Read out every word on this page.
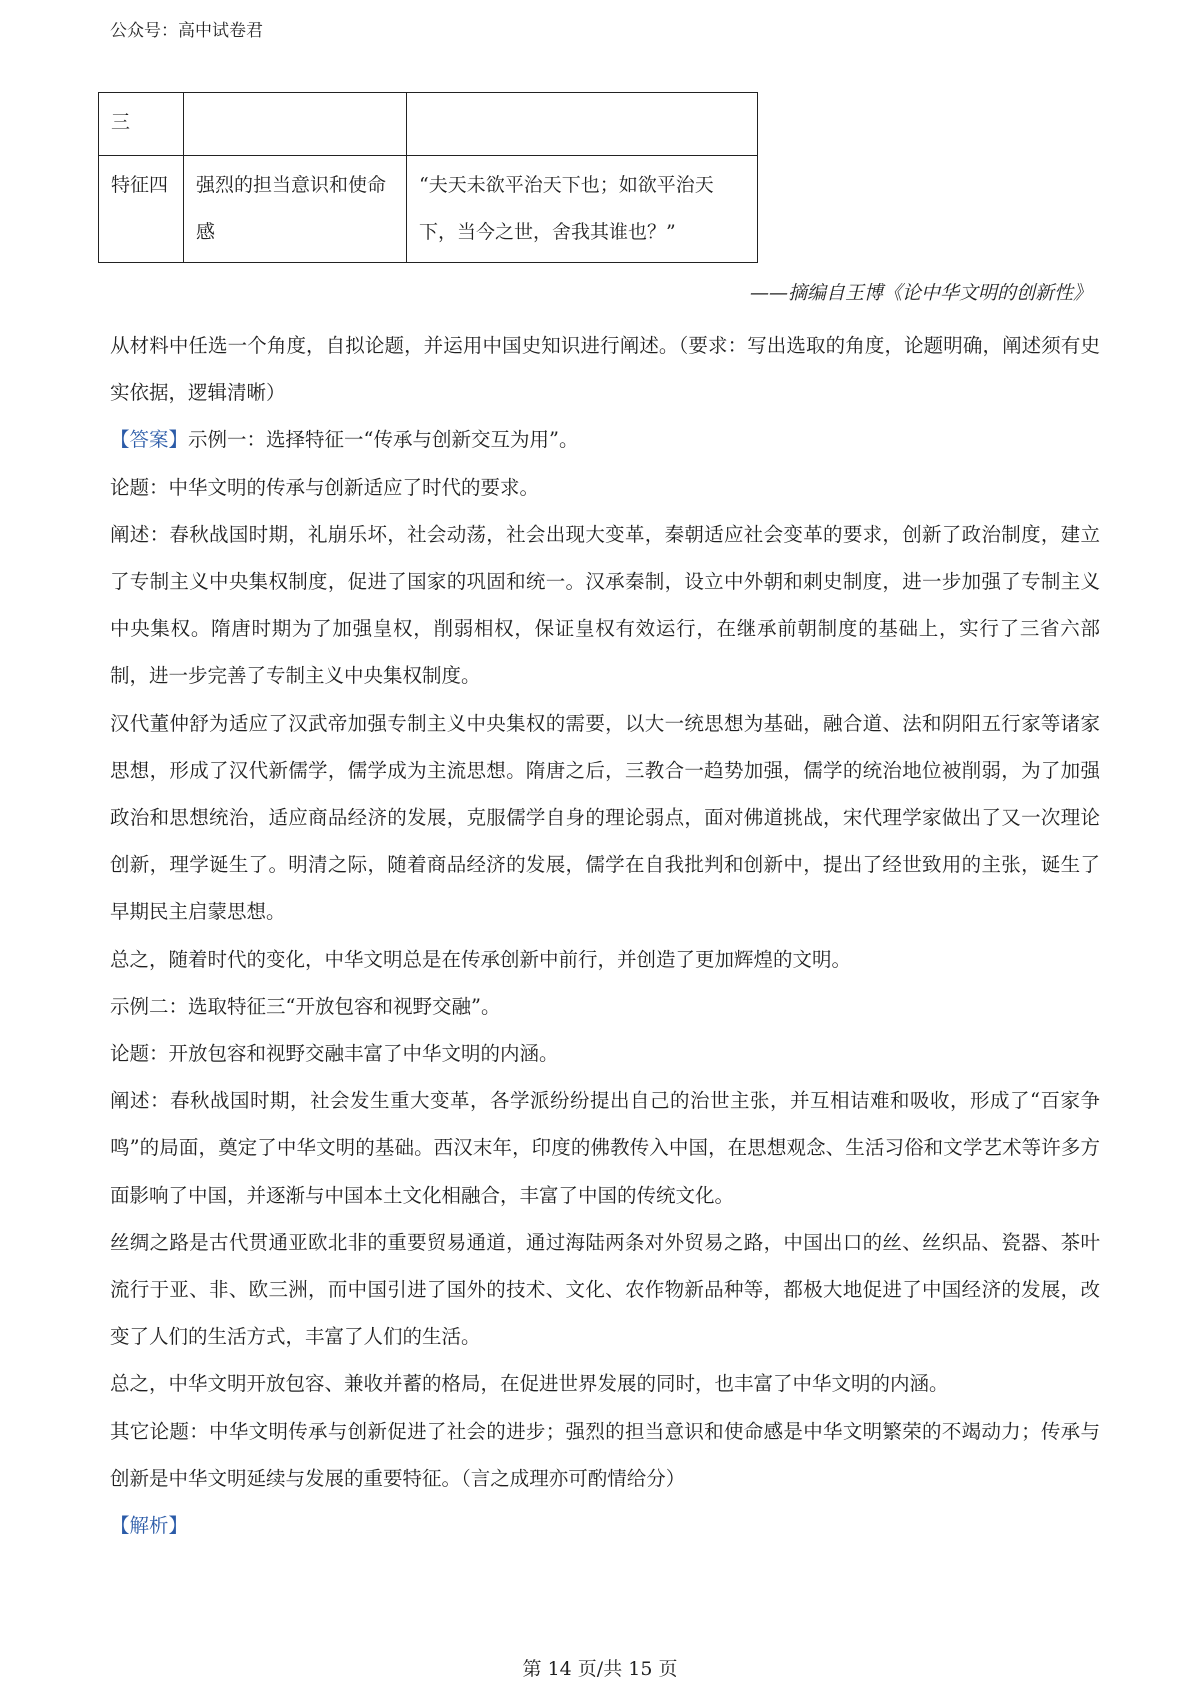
公众号：高中试卷君
三		
特征四	强烈的担当意识和使命感	“夫天未欲平治天下也；如欲平治天下，当今之世，舍我其谁也？”
——摘编自王博《论中华文明的创新性》

从材料中任选一个角度，自拟论题，并运用中国史知识进行阐述。（要求：写出选取的角度，论题明确，阐述须有史实依据，逻辑清晰）

【答案】示例一：选择特征一“传承与创新交互为用”。

论题：中华文明的传承与创新适应了时代的要求。

阐述：春秋战国时期，礼崩乐坏，社会动荡，社会出现大变革，秦朝适应社会变革的要求，创新了政治制度，建立了专制主义中央集权制度，促进了国家的巩固和统一。汉承秦制，设立中外朝和刺史制度，进一步加强了专制主义中央集权。隋唐时期为了加强皇权，削弱相权，保证皇权有效运行，在继承前朝制度的基础上，实行了三省六部制，进一步完善了专制主义中央集权制度。

汉代董仲舒为适应了汉武帝加强专制主义中央集权的需要，以大一统思想为基础，融合道、法和阴阳五行家等诸家思想，形成了汉代新儒学，儒学成为主流思想。隋唐之后，三教合一趋势加强，儒学的统治地位被削弱，为了加强政治和思想统治，适应商品经济的发展，克服儒学自身的理论弱点，面对佛道挑战，宋代理学家做出了又一次理论创新，理学诞生了。明清之际，随着商品经济的发展，儒学在自我批判和创新中，提出了经世致用的主张，诞生了早期民主启蒙思想。

总之，随着时代的变化，中华文明总是在传承创新中前行，并创造了更加辉煌的文明。

示例二：选取特征三“开放包容和视野交融”。

论题：开放包容和视野交融丰富了中华文明的内涵。

阐述：春秋战国时期，社会发生重大变革，各学派纷纷提出自己的治世主张，并互相诘难和吸收，形成了“百家争鸣”的局面，奠定了中华文明的基础。西汉末年，印度的佛教传入中国，在思想观念、生活习俗和文学艺术等许多方面影响了中国，并逐渐与中国本土文化相融合，丰富了中国的传统文化。

丝绸之路是古代贯通亚欧北非的重要贸易通道，通过海陆两条对外贸易之路，中国出口的丝、丝织品、瓷器、茶叶流行于亚、非、欧三洲，而中国引进了国外的技术、文化、农作物新品种等，都极大地促进了中国经济的发展，改变了人们的生活方式，丰富了人们的生活。

总之，中华文明开放包容、兼收并蓄的格局，在促进世界发展的同时，也丰富了中华文明的内涵。

其它论题：中华文明传承与创新促进了社会的进步；强烈的担当意识和使命感是中华文明繁荣的不竭动力；传承与创新是中华文明延续与发展的重要特征。（言之成理亦可酌情给分）

【解析】

第 14 页/共 15 页
